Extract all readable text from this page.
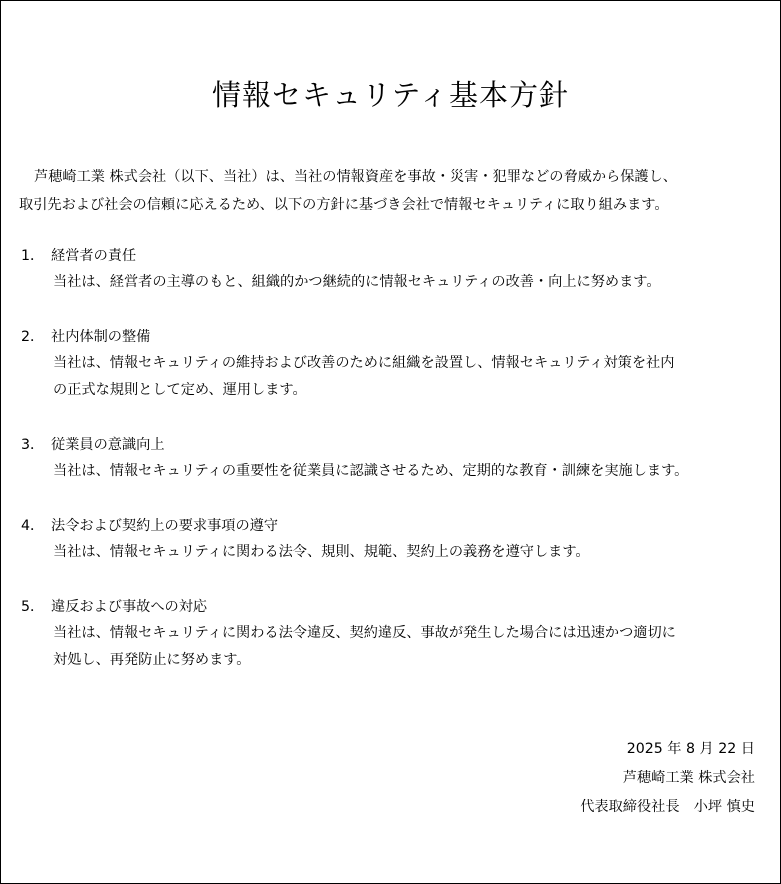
情報セキュリティ基本方針
芦穂崎工業 株式会社（以下、当社）は、当社の情報資産を事故・災害・犯罪などの脅威から保護し、
取引先および社会の信頼に応えるため、以下の方針に基づき会社で情報セキュリティに取り組みます。
1． 経営者の責任
当社は、経営者の主導のもと、組織的かつ継続的に情報セキュリティの改善・向上に努めます。
2． 社内体制の整備
当社は、情報セキュリティの維持および改善のために組織を設置し、情報セキュリティ対策を社内
の正式な規則として定め、運用します。
3． 従業員の意識向上
当社は、情報セキュリティの重要性を従業員に認識させるため、定期的な教育・訓練を実施します。
4． 法令および契約上の要求事項の遵守
当社は、情報セキュリティに関わる法令、規則、規範、契約上の義務を遵守します。
5． 違反および事故への対応
当社は、情報セキュリティに関わる法令違反、契約違反、事故が発生した場合には迅速かつ適切に
対処し、再発防止に努めます。
2025 年 8 月 22 日
芦穂崎工業 株式会社
代表取締役社長　小坪 慎史
